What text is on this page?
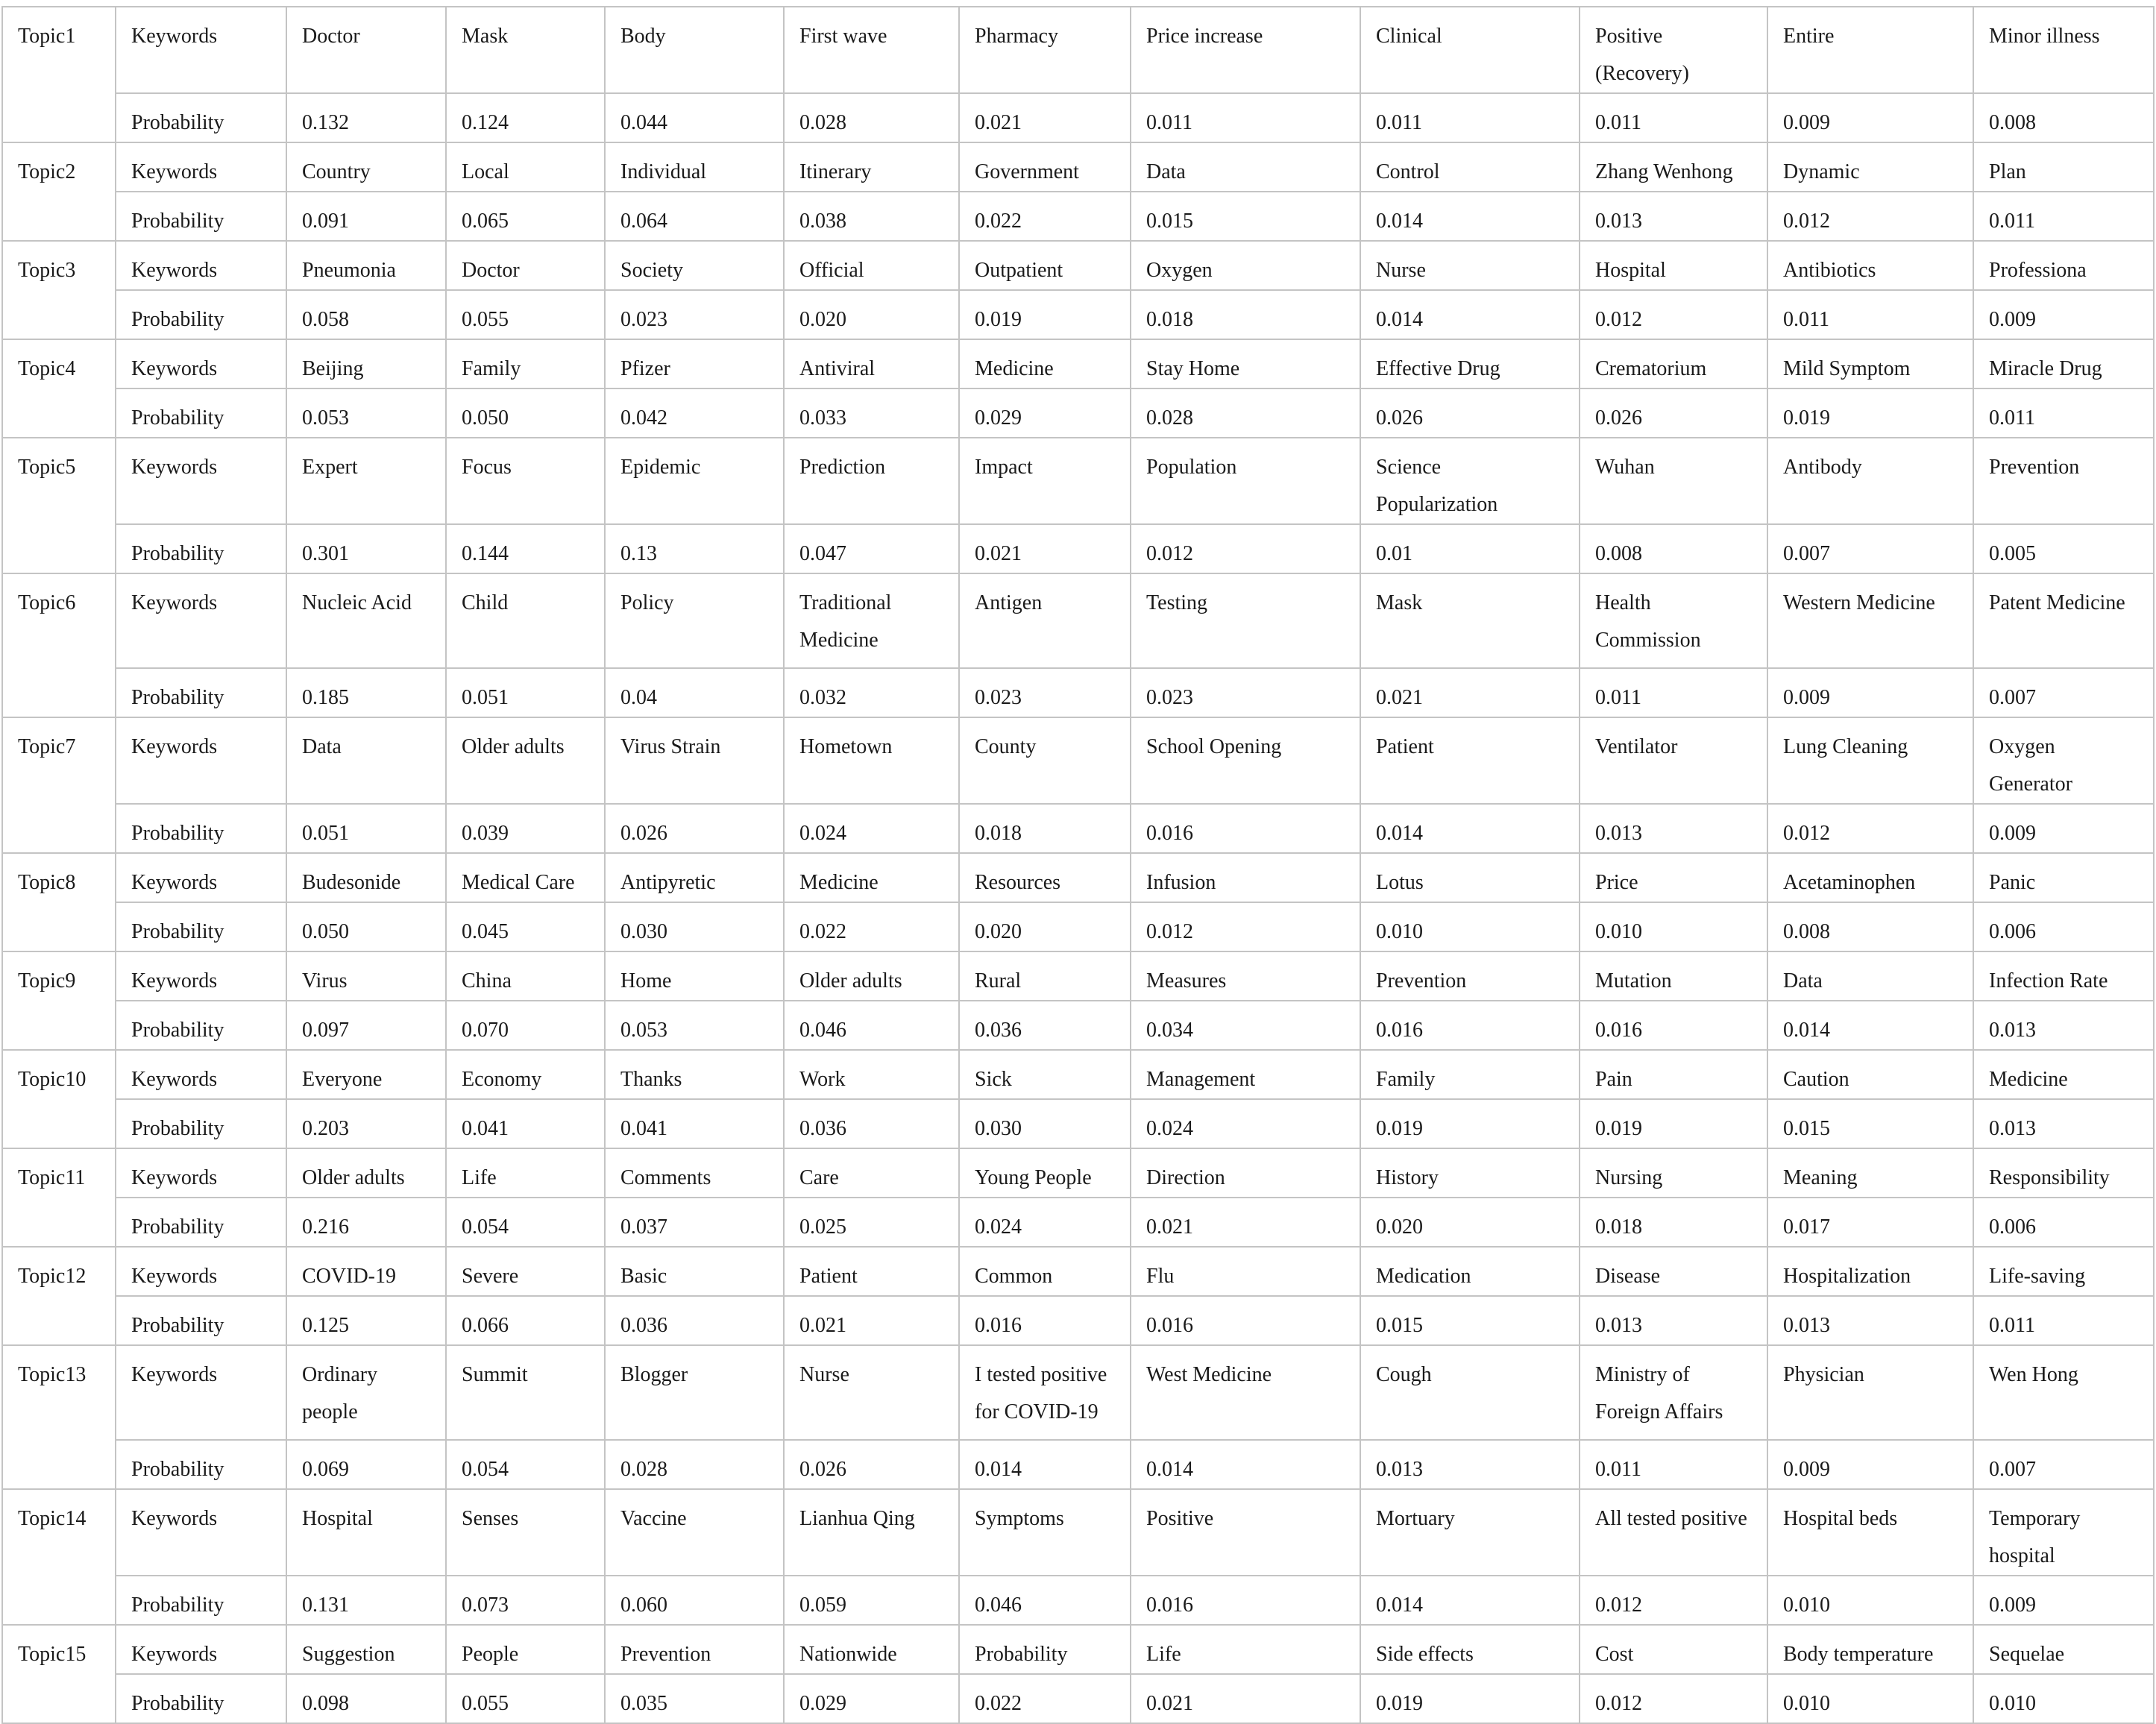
Topic1	Keywords	Doctor	Mask	Body	First wave	Pharmacy	Price increase	Clinical	Positive (Recovery)	Entire	Minor illness
	Probability	0.132	0.124	0.044	0.028	0.021	0.011	0.011	0.011	0.009	0.008
Topic2	Keywords	Country	Local	Individual	Itinerary	Government	Data	Control	Zhang Wenhong	Dynamic	Plan
	Probability	0.091	0.065	0.064	0.038	0.022	0.015	0.014	0.013	0.012	0.011
Topic3	Keywords	Pneumonia	Doctor	Society	Official	Outpatient	Oxygen	Nurse	Hospital	Antibiotics	Professiona
	Probability	0.058	0.055	0.023	0.020	0.019	0.018	0.014	0.012	0.011	0.009
Topic4	Keywords	Beijing	Family	Pfizer	Antiviral	Medicine	Stay Home	Effective Drug	Crematorium	Mild Symptom	Miracle Drug
	Probability	0.053	0.050	0.042	0.033	0.029	0.028	0.026	0.026	0.019	0.011
Topic5	Keywords	Expert	Focus	Epidemic	Prediction	Impact	Population	Science Popularization	Wuhan	Antibody	Prevention
	Probability	0.301	0.144	0.13	0.047	0.021	0.012	0.01	0.008	0.007	0.005
Topic6	Keywords	Nucleic Acid	Child	Policy	Traditional Medicine	Antigen	Testing	Mask	Health Commission	Western Medicine	Patent Medicine
	Probability	0.185	0.051	0.04	0.032	0.023	0.023	0.021	0.011	0.009	0.007
Topic7	Keywords	Data	Older adults	Virus Strain	Hometown	County	School Opening	Patient	Ventilator	Lung Cleaning	Oxygen Generator
	Probability	0.051	0.039	0.026	0.024	0.018	0.016	0.014	0.013	0.012	0.009
Topic8	Keywords	Budesonide	Medical Care	Antipyretic	Medicine	Resources	Infusion	Lotus	Price	Acetaminophen	Panic
	Probability	0.050	0.045	0.030	0.022	0.020	0.012	0.010	0.010	0.008	0.006
Topic9	Keywords	Virus	China	Home	Older adults	Rural	Measures	Prevention	Mutation	Data	Infection Rate
	Probability	0.097	0.070	0.053	0.046	0.036	0.034	0.016	0.016	0.014	0.013
Topic10	Keywords	Everyone	Economy	Thanks	Work	Sick	Management	Family	Pain	Caution	Medicine
	Probability	0.203	0.041	0.041	0.036	0.030	0.024	0.019	0.019	0.015	0.013
Topic11	Keywords	Older adults	Life	Comments	Care	Young People	Direction	History	Nursing	Meaning	Responsibility
	Probability	0.216	0.054	0.037	0.025	0.024	0.021	0.020	0.018	0.017	0.006
Topic12	Keywords	COVID-19	Severe	Basic	Patient	Common	Flu	Medication	Disease	Hospitalization	Life-saving
	Probability	0.125	0.066	0.036	0.021	0.016	0.016	0.015	0.013	0.013	0.011
Topic13	Keywords	Ordinary people	Summit	Blogger	Nurse	I tested positive for COVID-19	West Medicine	Cough	Ministry of Foreign Affairs	Physician	Wen Hong
	Probability	0.069	0.054	0.028	0.026	0.014	0.014	0.013	0.011	0.009	0.007
Topic14	Keywords	Hospital	Senses	Vaccine	Lianhua Qing	Symptoms	Positive	Mortuary	All tested positive	Hospital beds	Temporary hospital
	Probability	0.131	0.073	0.060	0.059	0.046	0.016	0.014	0.012	0.010	0.009
Topic15	Keywords	Suggestion	People	Prevention	Nationwide	Probability	Life	Side effects	Cost	Body temperature	Sequelae
	Probability	0.098	0.055	0.035	0.029	0.022	0.021	0.019	0.012	0.010	0.010
